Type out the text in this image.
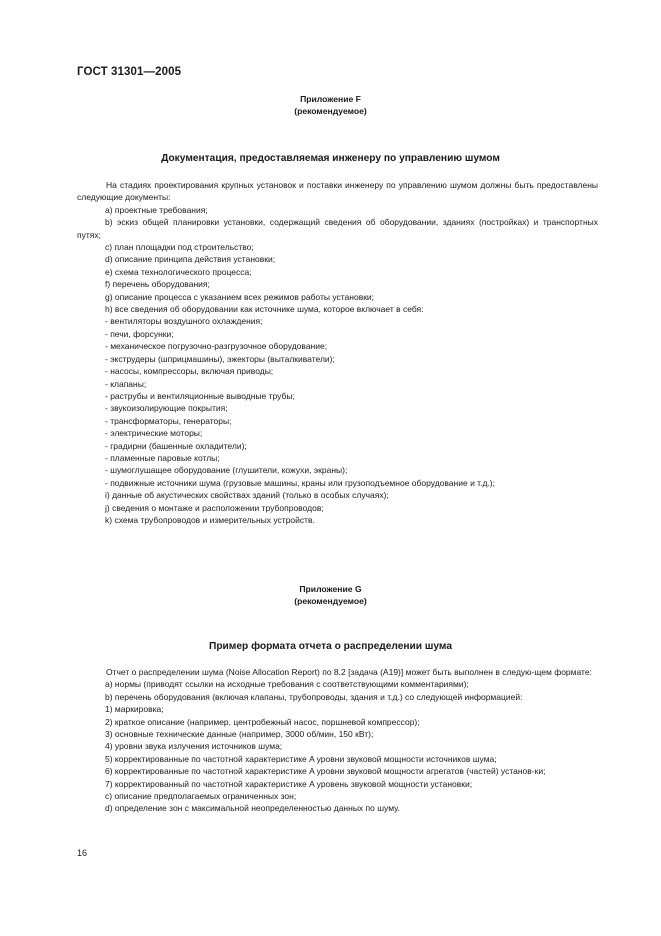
ГОСТ 31301—2005
Приложение F
(рекомендуемое)
Документация, предоставляемая инженеру по управлению шумом

На стадиях проектирования крупных установок и поставки инженеру по управлению шумом должны быть предоставлены следующие документы:

a) проектные требования;

b) эскиз общей планировки установки, содержащий сведения об оборудовании, зданиях (постройках) и транспортных путях;

c) план площадки под строительство;

d) описание принципа действия установки;

e) схема технологического процесса;

f) перечень оборудования;

g) описание процесса с указанием всех режимов работы установки;

h) все сведения об оборудовании как источнике шума, которое включает в себя:

- вентиляторы воздушного охлаждения;

- печи, форсунки;

- механическое погрузочно-разгрузочное оборудование;

- экструдеры (шприцмашины), эжекторы (выталкиватели);

- насосы, компрессоры, включая приводы;

- клапаны;

- раструбы и вентиляционные выводные трубы;

- звукоизолирующие покрытия;

- трансформаторы, генераторы;

- электрические моторы;

- градирни (башенные охладители);

- пламенные паровые котлы;

- шумоглушащее оборудование (глушители, кожухи, экраны);

- подвижные источники шума (грузовые машины, краны или грузоподъемное оборудование и т.д.);

i) данные об акустических свойствах зданий (только в особых случаях);

j) сведения о монтаже и расположении трубопроводов;

k) схема трубопроводов и измерительных устройств.

Приложение G
(рекомендуемое)
Пример формата отчета о распределении шума

Отчет о распределении шума (Noise Allocation Report) по 8.2 [задача (А19)] может быть выполнен в следую-щем формате:

a) нормы (приводят ссылки на исходные требования с соответствующими комментариями);

b) перечень оборудования (включая клапаны, трубопроводы, здания и т.д.) со следующей информацией:

1) маркировка;

2) краткое описание (например, центробежный насос, поршневой компрессор);

3) основные технические данные (например, 3000 об/мин, 150 кВт);

4) уровни звука излучения источников шума;

5) корректированные по частотной характеристике A уровни звуковой мощности источников шума;

6) корректированные по частотной характеристике A уровни звуковой мощности агрегатов (частей) установ-ки;

7) корректированный по частотной характеристике A уровень звуковой мощности установки;

c) описание предполагаемых ограниченных зон;

d) определение зон с максимальной неопределенностью данных по шуму.

16
